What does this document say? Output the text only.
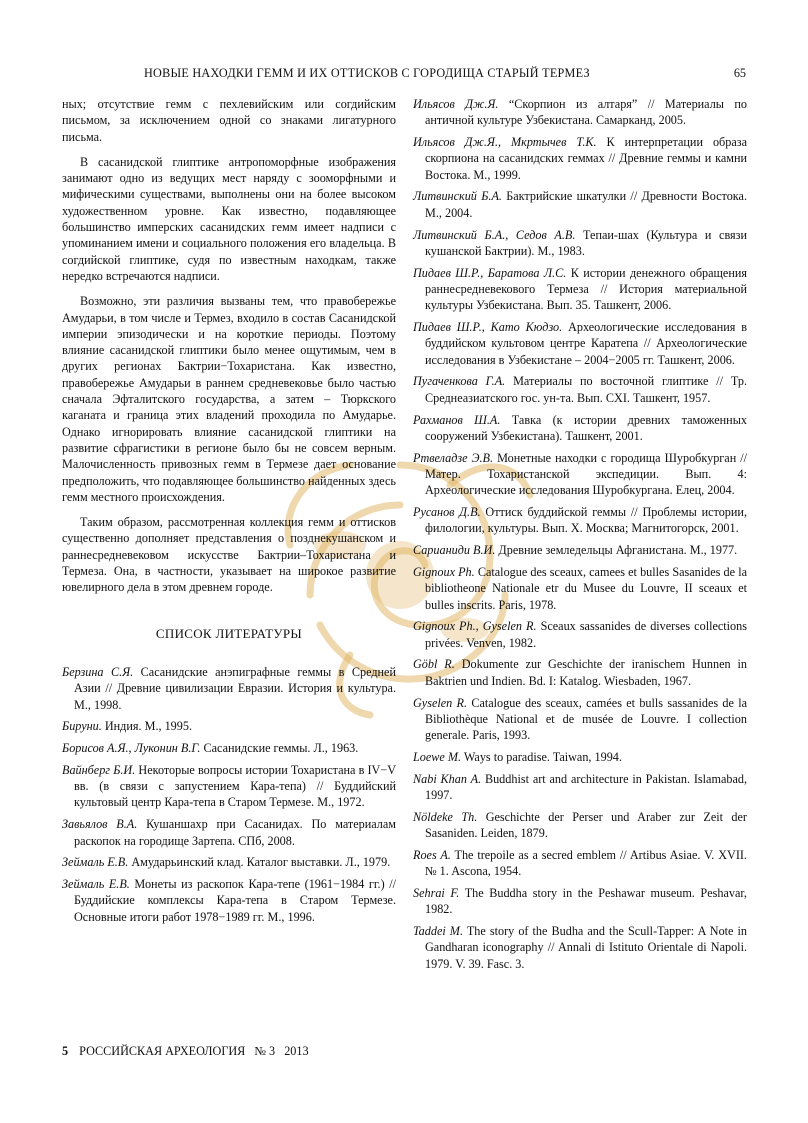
НОВЫЕ НАХОДКИ ГЕММ И ИХ ОТТИСКОВ С ГОРОДИЩА СТАРЫЙ ТЕРМЕЗ	65

ных; отсутствие гемм с пехлевийским или согдийским письмом, за исключением одной со знаками лигатурного письма.

В сасанидской глиптике антропоморфные изображения занимают одно из ведущих мест наряду с зооморфными и мифическими существами, выполнены они на более высоком художественном уровне. Как известно, подавляющее большинство имперских сасанидских гемм имеет надписи с упоминанием имени и социального положения его владельца. В согдийской глиптике, судя по известным находкам, также нередко встречаются надписи.

Возможно, эти различия вызваны тем, что правобережье Амударьи, в том числе и Термез, входило в состав Сасанидской империи эпизодически и на короткие периоды. Поэтому влияние сасанидской глиптики было менее ощутимым, чем в других регионах Бактрии−Тохаристана. Как известно, правобережье Амударьи в раннем средневековье было частью сначала Эфталитского государства, а затем – Тюркского каганата и граница этих владений проходила по Амударье. Однако игнорировать влияние сасанидской глиптики на развитие сфрагистики в регионе было бы не совсем верным. Малочисленность привозных гемм в Термезе дает основание предположить, что подавляющее большинство найденных здесь гемм местного происхождения.

Таким образом, рассмотренная коллекция гемм и оттисков существенно дополняет представления о позднекушанском и раннесредневековом искусстве Бактрии–Тохаристана и Термеза. Она, в частности, указывает на широкое развитие ювелирного дела в этом древнем городе.

СПИСОК ЛИТЕРАТУРЫ

Берзина С.Я. Сасанидские анэпиграфные геммы в Средней Азии // Древние цивилизации Евразии. История и культура. М., 1998.

Бируни. Индия. М., 1995.

Борисов А.Я., Луконин В.Г. Сасанидские геммы. Л., 1963.

Вайнберг Б.И. Некоторые вопросы истории Тохаристана в IV−V вв. (в связи с запустением Кара-тепа) // Буддийский культовый центр Кара-тепа в Старом Термезе. М., 1972.

Завьялов В.А. Кушаншахр при Сасанидах. По материалам раскопок на городище Зартепа. СПб, 2008.

Зеймаль Е.В. Амударьинский клад. Каталог выставки. Л., 1979.

Зеймаль Е.В. Монеты из раскопок Кара-тепе (1961−1984 гг.) // Буддийские комплексы Кара-тепа в Старом Термезе. Основные итоги работ 1978−1989 гг. М., 1996.

Ильясов Дж.Я. “Скорпион из алтаря” // Материалы по античной культуре Узбекистана. Самарканд, 2005.

Ильясов Дж.Я., Мкртычев Т.К. К интерпретации образа скорпиона на сасанидских геммах // Древние геммы и камни Востока. М., 1999.

Литвинский Б.А. Бактрийские шкатулки // Древности Востока. М., 2004.

Литвинский Б.А., Седов А.В. Тепаи-шах (Культура и связи кушанской Бактрии). М., 1983.

Пидаев Ш.Р., Баратова Л.С. К истории денежного обращения раннесредневекового Термеза // История материальной культуры Узбекистана. Вып. 35. Ташкент, 2006.

Пидаев Ш.Р., Като Кюдзо. Археологические исследования в буддийском культовом центре Каратепа // Археологические исследования в Узбекистане – 2004−2005 гг. Ташкент, 2006.

Пугаченкова Г.А. Материалы по восточной глиптике // Тр. Среднеазиатского гос. ун-та. Вып. CXI. Ташкент, 1957.

Рахманов Ш.А. Тавка (к истории древних таможенных сооружений Узбекистана). Ташкент, 2001.

Ртвеладзе Э.В. Монетные находки с городища Шуробкурган // Матер. Тохаристанской экспедиции. Вып. 4: Археологические исследования Шуробкургана. Елец, 2004.

Русанов Д.В. Оттиск буддийской геммы // Проблемы истории, филологии, культуры. Вып. X. Москва; Магнитогорск, 2001.

Сарианиди В.И. Древние земледельцы Афганистана. М., 1977.

Gignoux Ph. Catalogue des sceaux, camees et bulles Sasanides de la bibliotheone Nationale etr du Musee du Louvre, II sceaux et bulles inscrits. Paris, 1978.

Gignoux Ph., Gyselen R. Sceaux sassanides de diverses collections privées. Venven, 1982.

Göbl R. Dokumente zur Geschichte der iranischem Hunnen in Baktrien und Indien. Bd. I: Katalog. Wiesbaden, 1967.

Gyselen R. Catalogue des sceaux, camées et bulls sassanides de la Bibliothèque National et de musée de Louvre. I collection generale. Paris, 1993.

Loewe M. Ways to paradise. Taiwan, 1994.

Nabi Khan A. Buddhist art and architecture in Pakistan. Islamabad, 1997.

Nöldeke Th. Geschichte der Perser und Araber zur Zeit der Sasaniden. Leiden, 1879.

Roes A. The trepoile as a secred emblem // Artibus Asiae. V. XVII. № 1. Ascona, 1954.

Sehrai F. The Buddha story in the Peshawar museum. Peshavar, 1982.

Taddei M. The story of the Budha and the Scull-Tapper: A Note in Gandharan iconography // Annali di Istituto Orientale di Napoli. 1979. V. 39. Fasc. 3.

5 РОССИЙСКАЯ АРХЕОЛОГИЯ № 3 2013
